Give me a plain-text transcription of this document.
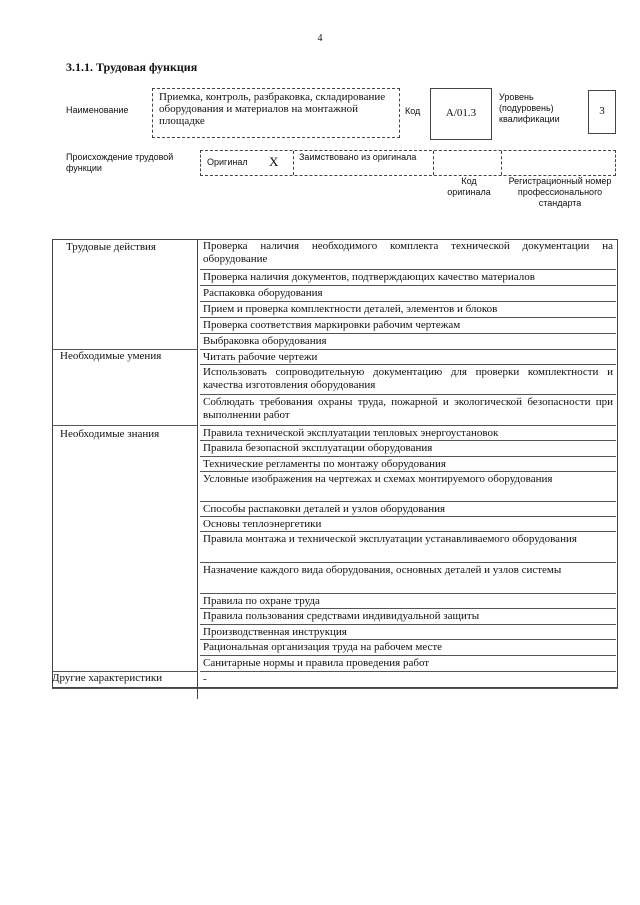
4
3.1.1. Трудовая функция
Наименование
Приемка, контроль, разбраковка, складирование оборудования и материалов на монтажной площадке
Код	А/01.3
Уровень (подуровень) квалификации
3
Происхождение трудовой функции
Оригинал X Заимствовано из оригинала
Код оригинала
Регистрационный номер профессионального стандарта
Трудовые действия
Необходимые умения
Необходимые знания
Другие характеристики
Проверка наличия необходимого комплекта технической документации на оборудование
Проверка наличия документов, подтверждающих качество материалов
Распаковка оборудования
Прием и проверка комплектности деталей, элементов и блоков
Проверка соответствия маркировки рабочим чертежам
Выбраковка оборудования
Читать рабочие чертежи
Использовать сопроводительную документацию для проверки комплектности и качества изготовления оборудования
Соблюдать требования охраны труда, пожарной и экологической безопасности при выполнении работ
Правила технической эксплуатации тепловых энергоустановок
Правила безопасной эксплуатации оборудования
Технические регламенты по монтажу оборудования
Условные изображения на чертежах и схемах монтируемого оборудования
Способы распаковки деталей и узлов оборудования
Основы теплоэнергетики
Правила монтажа и технической эксплуатации устанавливаемого оборудования
Назначение каждого вида оборудования, основных деталей и узлов системы
Правила по охране труда
Правила пользования средствами индивидуальной защиты
Производственная инструкция
Рациональная организация труда на рабочем месте
Санитарные нормы и правила проведения работ
-
